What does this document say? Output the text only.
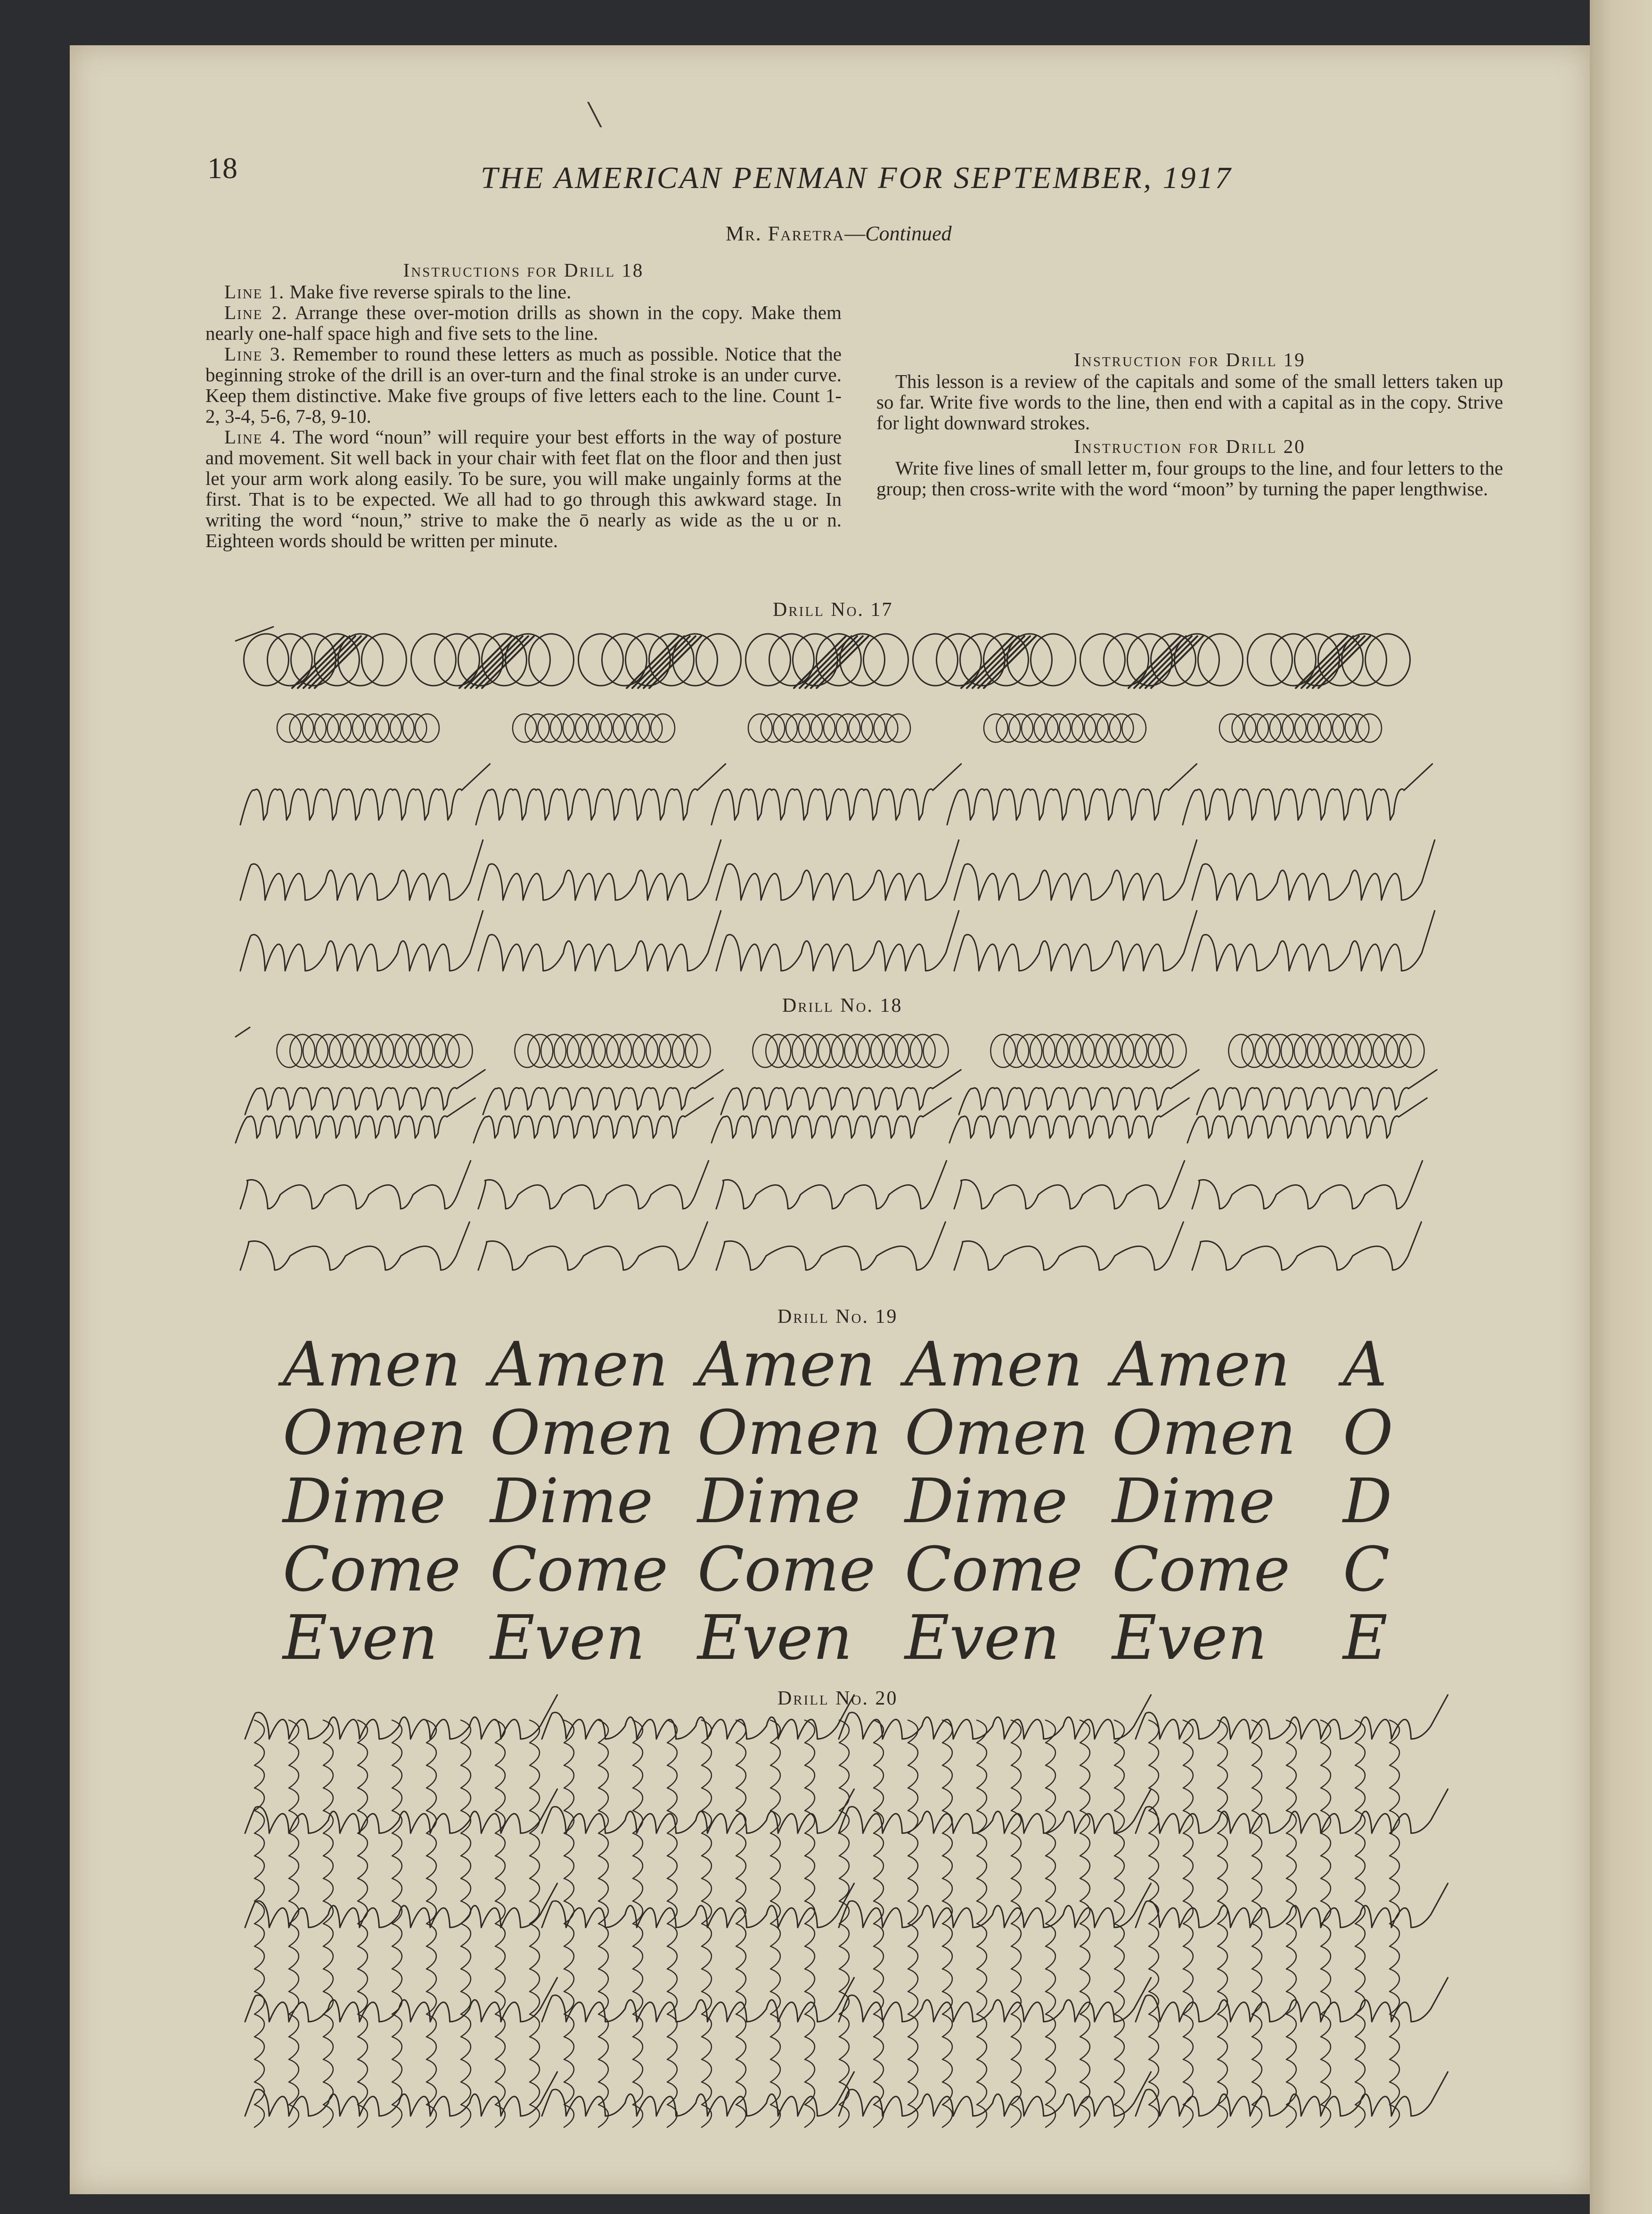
╲
18	THE AMERICAN PENMAN FOR SEPTEMBER, 1917
Mr. Faretra—Continued

Instructions for Drill 18

Line 1. Make five reverse spirals to the line.

Line 2. Arrange these over-motion drills as shown in the copy. Make them nearly one-half space high and five sets to the line.

Line 3. Remember to round these letters as much as possible. Notice that the beginning stroke of the drill is an over-turn and the final stroke is an under curve. Keep them distinctive. Make five groups of five letters each to the line. Count 1-2, 3-4, 5-6, 7-8, 9-10.

Line 4. The word “noun” will require your best efforts in the way of posture and movement. Sit well back in your chair with feet flat on the floor and then just let your arm work along easily. To be sure, you will make ungainly forms at the first. That is to be expected. We all had to go through this awkward stage. In writing the word “noun,” strive to make the ō nearly as wide as the u or n. Eighteen words should be written per minute.

Instruction for Drill 19

This lesson is a review of the capitals and some of the small letters taken up so far. Write five words to the line, then end with a capital as in the copy. Strive for light downward strokes.

Instruction for Drill 20

Write five lines of small letter m, four groups to the line, and four letters to the group; then cross-write with the word “moon” by turning the paper lengthwise.

Drill No. 17
Drill No. 18
Drill No. 19
Amen Amen Amen Amen Amen A
Omen Omen Omen Omen Omen O
Dime Dime Dime Dime Dime D
Come Come Come Come Come C
Even Even Even Even Even E
Drill No. 20
